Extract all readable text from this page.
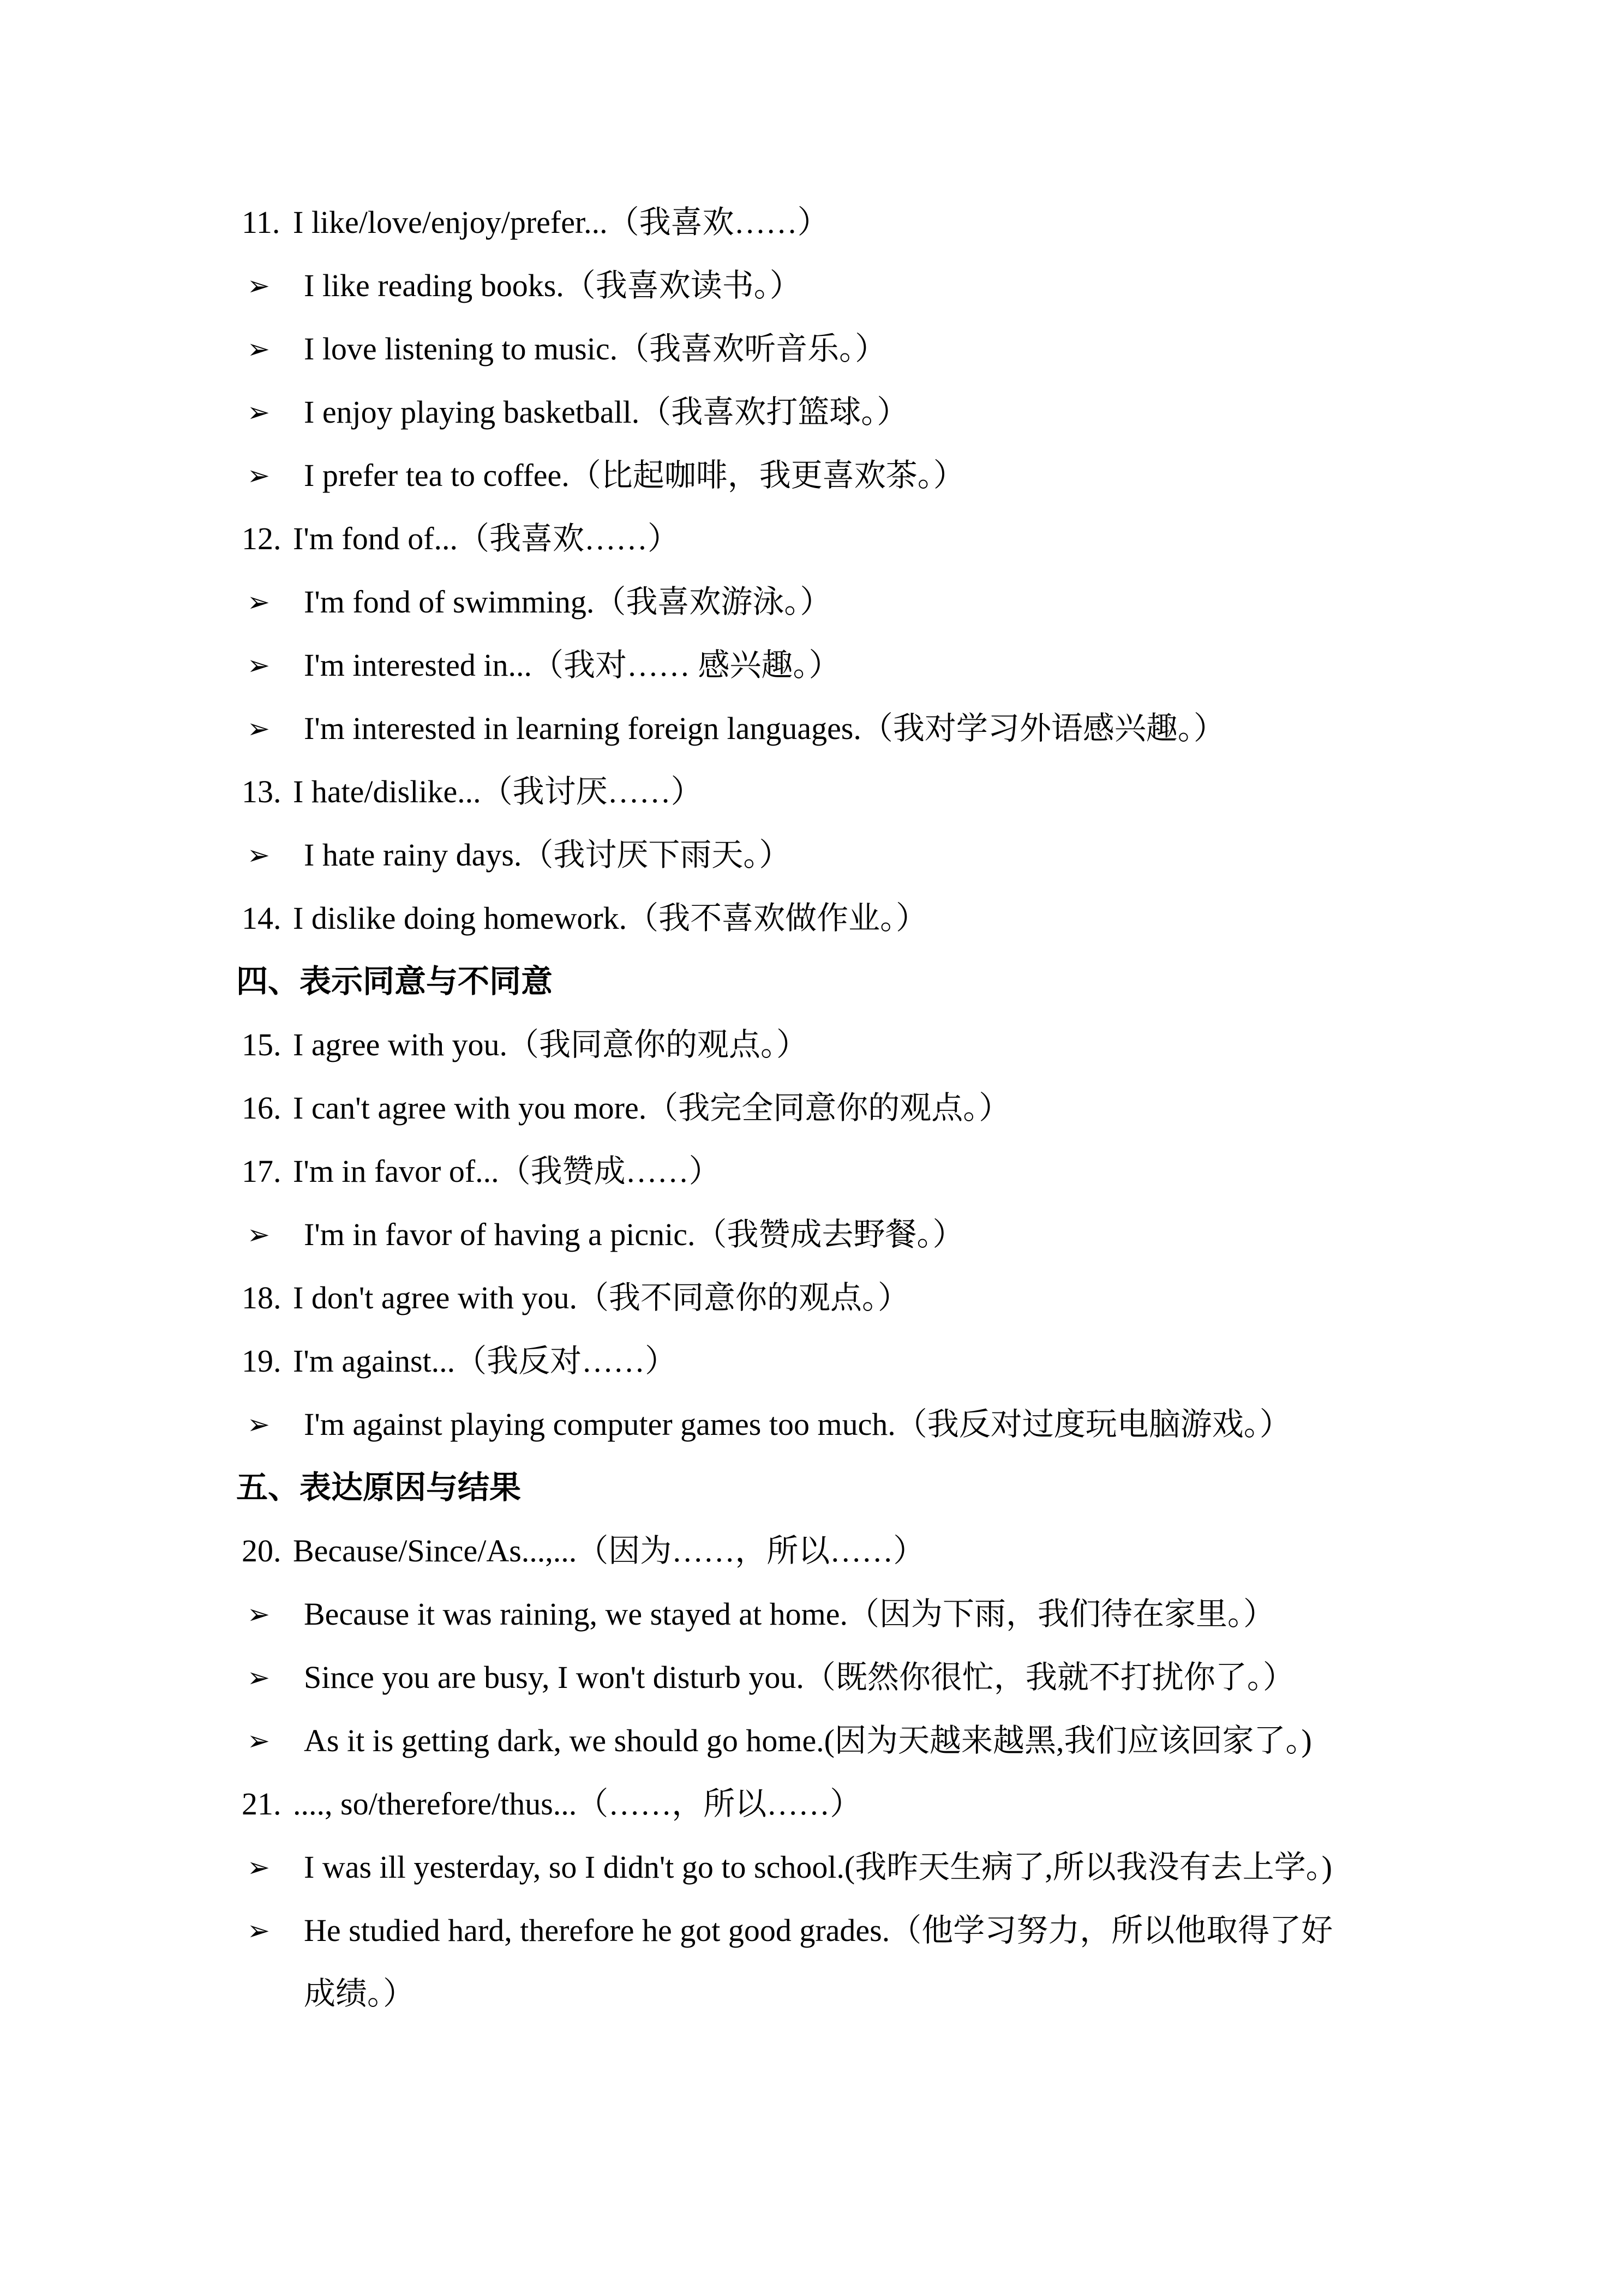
11. I like/love/enjoy/prefer...（我喜欢……）
➢ I like reading books.（我喜欢读书。）
➢ I love listening to music.（我喜欢听音乐。）
➢ I enjoy playing basketball.（我喜欢打篮球。）
➢ I prefer tea to coffee.（比起咖啡，我更喜欢茶。）
12. I'm fond of...（我喜欢……）
➢ I'm fond of swimming.（我喜欢游泳。）
➢ I'm interested in...（我对…… 感兴趣。）
➢ I'm interested in learning foreign languages.（我对学习外语感兴趣。）
13. I hate/dislike...（我讨厌……）
➢ I hate rainy days.（我讨厌下雨天。）
14. I dislike doing homework.（我不喜欢做作业。）
四、表示同意与不同意
15. I agree with you.（我同意你的观点。）
16. I can't agree with you more.（我完全同意你的观点。）
17. I'm in favor of...（我赞成……）
➢ I'm in favor of having a picnic.（我赞成去野餐。）
18. I don't agree with you.（我不同意你的观点。）
19. I'm against...（我反对……）
➢ I'm against playing computer games too much.（我反对过度玩电脑游戏。）
五、表达原因与结果
20. Because/Since/As...,...（因为……，所以……）
➢ Because it was raining, we stayed at home.（因为下雨，我们待在家里。）
➢ Since you are busy, I won't disturb you.（既然你很忙，我就不打扰你了。）
➢ As it is getting dark, we should go home.(因为天越来越黑,我们应该回家了。)
21. ...., so/therefore/thus...（……，所以……）
➢ I was ill yesterday, so I didn't go to school.(我昨天生病了,所以我没有去上学。)
➢ He studied hard, therefore he got good grades.（他学习努力，所以他取得了好
成绩。）
